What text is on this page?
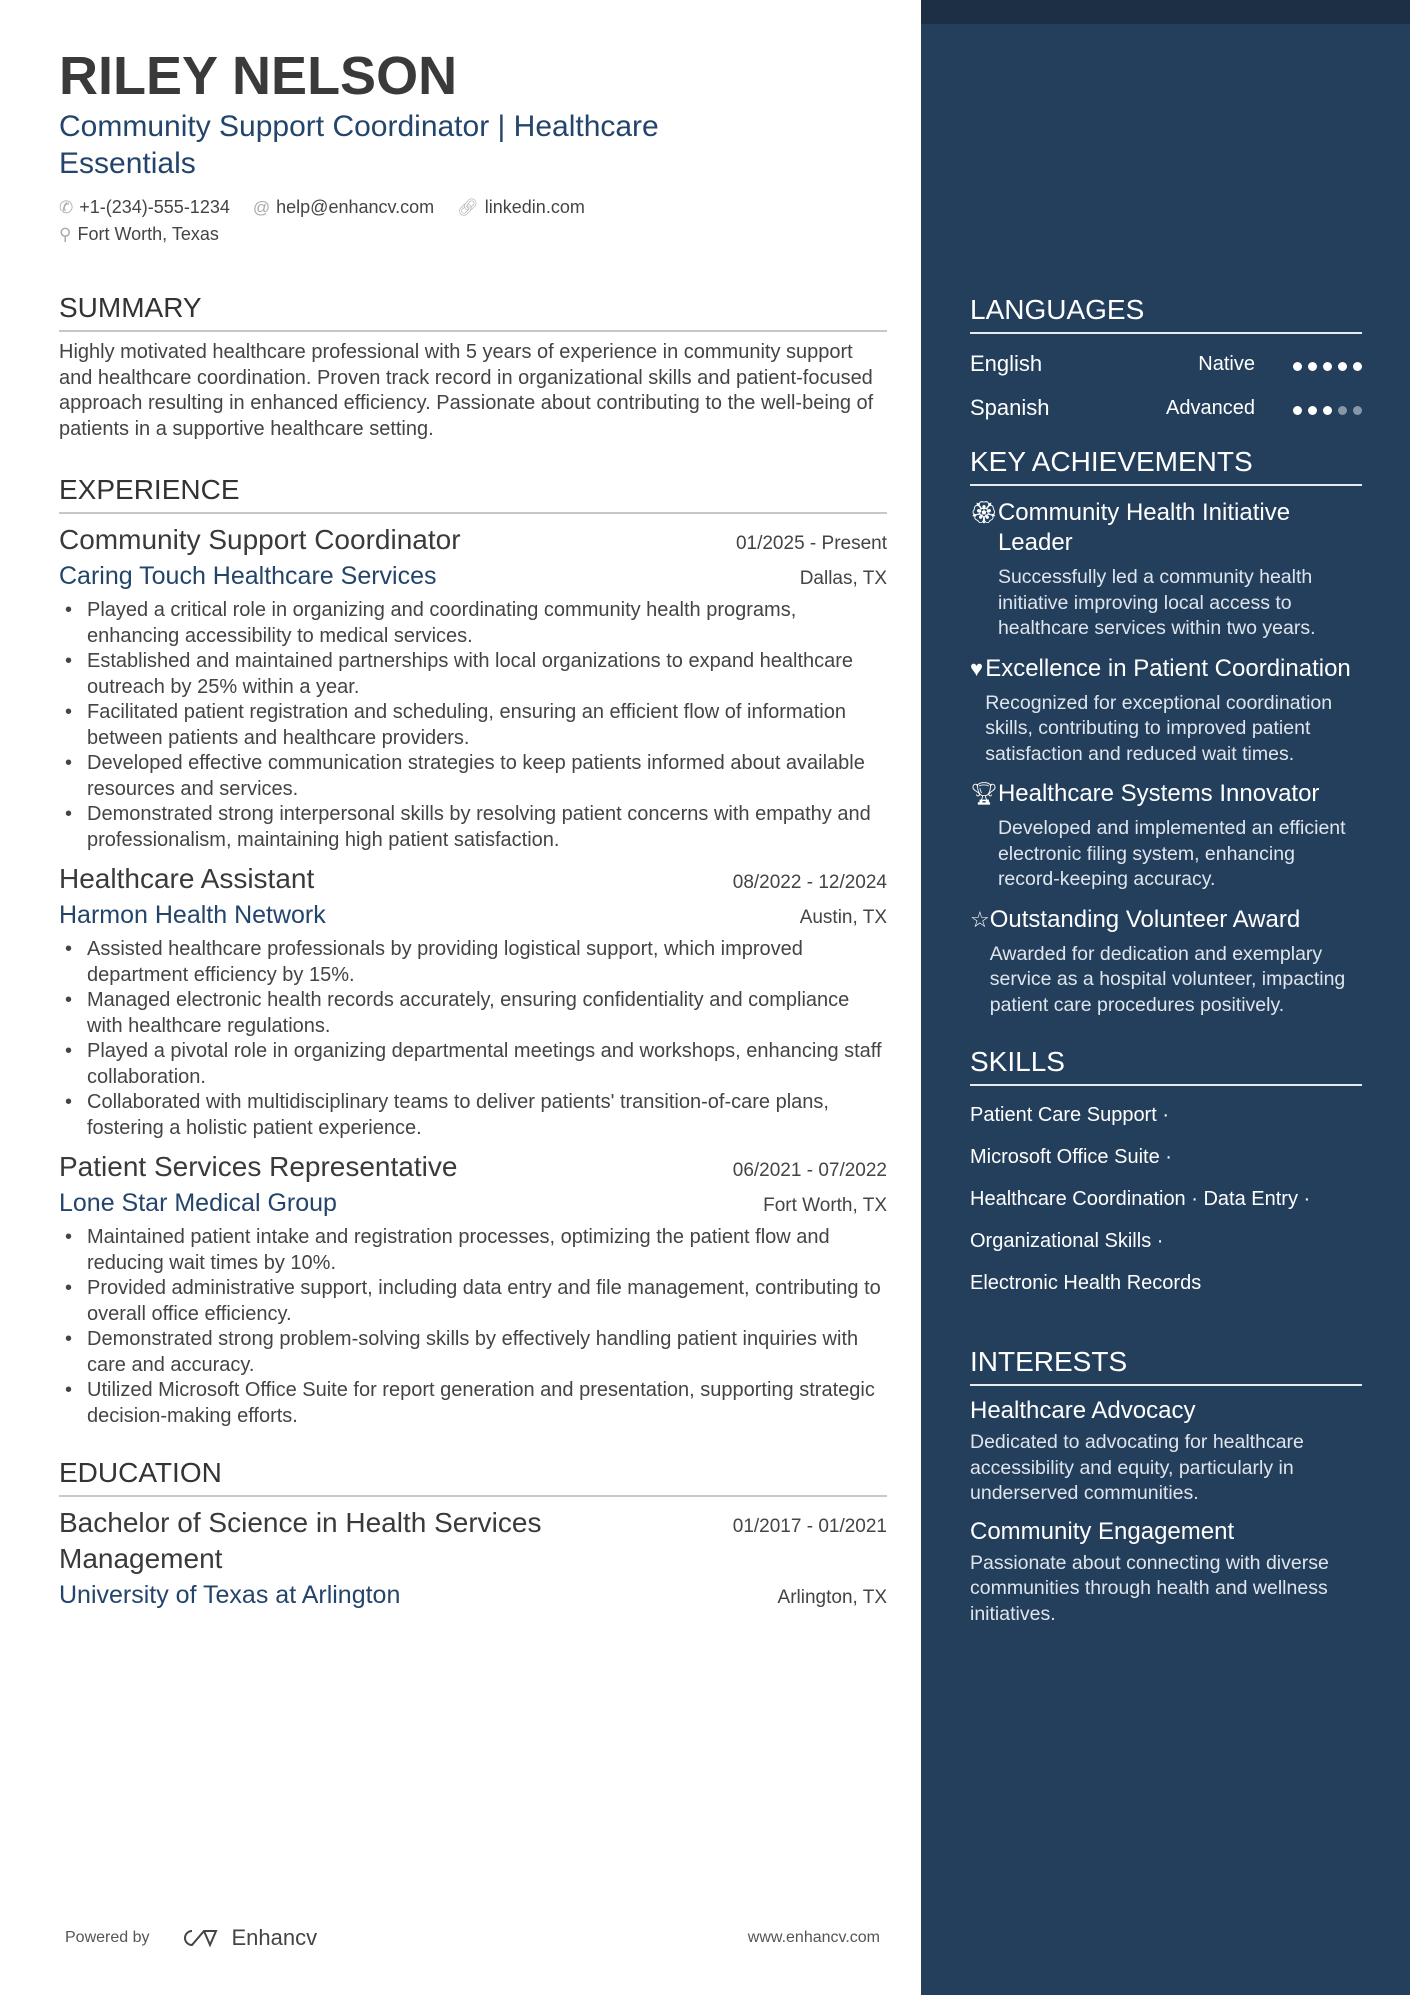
RILEY NELSON
Community Support Coordinator | Healthcare Essentials
✆ +1-(234)-555-1234 @ help@enhancv.com 🔗︎ linkedin.com
⚲ Fort Worth, Texas
SUMMARY

Highly motivated healthcare professional with 5 years of experience in community support and healthcare coordination. Proven track record in organizational skills and patient-focused approach resulting in enhanced efficiency. Passionate about contributing to the well-being of patients in a supportive healthcare setting.

EXPERIENCE
Community Support Coordinator	01/2025 - Present
Caring Touch Healthcare Services	Dallas, TX
• Played a critical role in organizing and coordinating community health programs, enhancing accessibility to medical services.
• Established and maintained partnerships with local organizations to expand healthcare outreach by 25% within a year.
• Facilitated patient registration and scheduling, ensuring an efficient flow of information between patients and healthcare providers.
• Developed effective communication strategies to keep patients informed about available resources and services.
• Demonstrated strong interpersonal skills by resolving patient concerns with empathy and professionalism, maintaining high patient satisfaction.
Healthcare Assistant	08/2022 - 12/2024
Harmon Health Network	Austin, TX
• Assisted healthcare professionals by providing logistical support, which improved department efficiency by 15%.
• Managed electronic health records accurately, ensuring confidentiality and compliance with healthcare regulations.
• Played a pivotal role in organizing departmental meetings and workshops, enhancing staff collaboration.
• Collaborated with multidisciplinary teams to deliver patients' transition-of-care plans, fostering a holistic patient experience.
Patient Services Representative	06/2021 - 07/2022
Lone Star Medical Group	Fort Worth, TX
• Maintained patient intake and registration processes, optimizing the patient flow and reducing wait times by 10%.
• Provided administrative support, including data entry and file management, contributing to overall office efficiency.
• Demonstrated strong problem-solving skills by effectively handling patient inquiries with care and accuracy.
• Utilized Microsoft Office Suite for report generation and presentation, supporting strategic decision-making efforts.
EDUCATION
Bachelor of Science in Health Services Management
01/2017 - 01/2021
University of Texas at Arlington	Arlington, TX
Powered by	Enhancv	www.enhancv.com
LANGUAGES
English	Native
Spanish	Advanced
KEY ACHIEVEMENTS
🏵︎ Community Health Initiative Leader
Successfully led a community health initiative improving local access to healthcare services within two years.
♥ Excellence in Patient Coordination
Recognized for exceptional coordination skills, contributing to improved patient satisfaction and reduced wait times.
🏆︎ Healthcare Systems Innovator
Developed and implemented an efficient electronic filing system, enhancing record-keeping accuracy.
☆ Outstanding Volunteer Award
Awarded for dedication and exemplary service as a hospital volunteer, impacting patient care procedures positively.
SKILLS
Patient Care Support ·
Microsoft Office Suite ·
Healthcare Coordination · Data Entry ·
Organizational Skills ·
Electronic Health Records
INTERESTS
Healthcare Advocacy
Dedicated to advocating for healthcare accessibility and equity, particularly in underserved communities.
Community Engagement
Passionate about connecting with diverse communities through health and wellness initiatives.
